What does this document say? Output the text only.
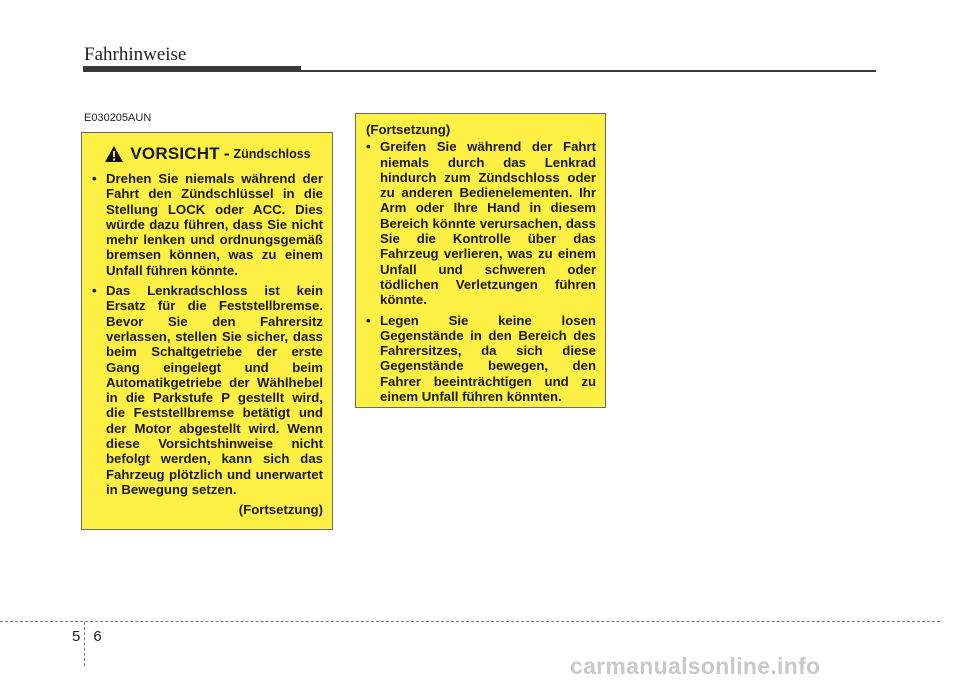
Fahrhinweise
E030205AUN
VORSICHT - Zündschloss
• Drehen Sie niemals während der Fahrt den Zündschlüssel in die Stellung LOCK oder ACC. Dies würde dazu führen, dass Sie nicht mehr lenken und ordnungsgemäß bremsen können, was zu einem Unfall führen könnte.
• Das Lenkradschloss ist kein Ersatz für die Feststellbremse. Bevor Sie den Fahrersitz verlassen, stellen Sie sicher, dass beim Schaltgetriebe der erste Gang eingelegt und beim Automatikgetriebe der Wählhebel in die Parkstufe P gestellt wird, die Feststellbremse betätigt und der Motor abgestellt wird. Wenn diese Vorsichtshinweise nicht befolgt werden, kann sich das Fahrzeug plötzlich und unerwartet in Bewegung setzen.
(Fortsetzung)
(Fortsetzung)
• Greifen Sie während der Fahrt niemals durch das Lenkrad hindurch zum Zündschloss oder zu anderen Bedienelementen. Ihr Arm oder Ihre Hand in diesem Bereich könnte verursachen, dass Sie die Kontrolle über das Fahrzeug verlieren, was zu einem Unfall und schweren oder tödlichen Verletzungen führen könnte.
• Legen Sie keine losen Gegenstände in den Bereich des Fahrersitzes, da sich diese Gegenstände bewegen, den Fahrer beeinträchtigen und zu einem Unfall führen könnten.
56
carmanualsonline.info
